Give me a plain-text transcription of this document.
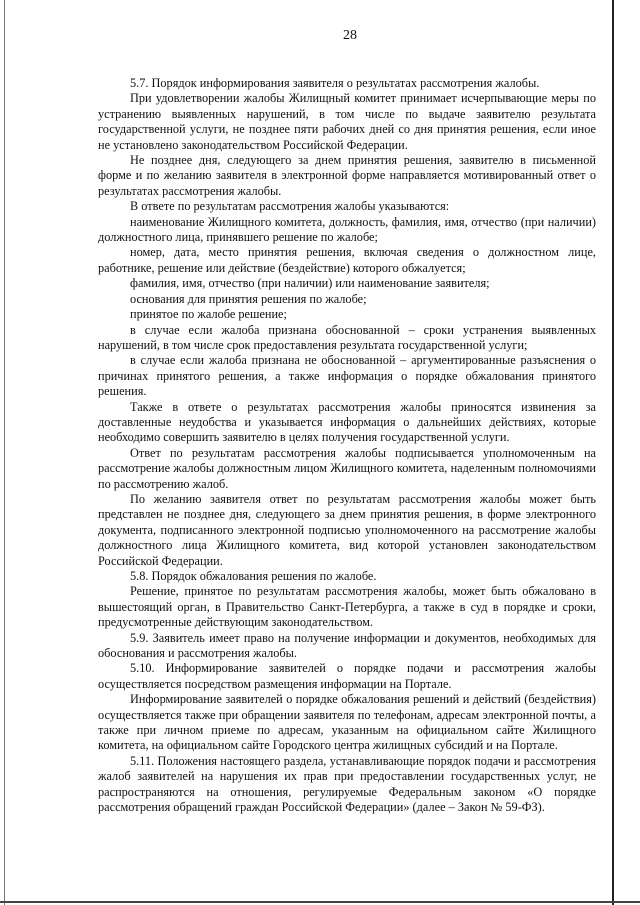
28

5.7. Порядок информирования заявителя о результатах рассмотрения жалобы.

При удовлетворении жалобы Жилищный комитет принимает исчерпывающие меры по устранению выявленных нарушений, в том числе по выдаче заявителю результата государственной услуги, не позднее пяти рабочих дней со дня принятия решения, если иное не установлено законодательством Российской Федерации.

Не позднее дня, следующего за днем принятия решения, заявителю в письменной форме и по желанию заявителя в электронной форме направляется мотивированный ответ о результатах рассмотрения жалобы.

В ответе по результатам рассмотрения жалобы указываются:

наименование Жилищного комитета, должность, фамилия, имя, отчество (при наличии) должностного лица, принявшего решение по жалобе;

номер, дата, место принятия решения, включая сведения о должностном лице, работнике, решение или действие (бездействие) которого обжалуется;

фамилия, имя, отчество (при наличии) или наименование заявителя;

основания для принятия решения по жалобе;

принятое по жалобе решение;

в случае если жалоба признана обоснованной – сроки устранения выявленных нарушений, в том числе срок предоставления результата государственной услуги;

в случае если жалоба признана не обоснованной – аргументированные разъяснения о причинах принятого решения, а также информация о порядке обжалования принятого решения.

Также в ответе о результатах рассмотрения жалобы приносятся извинения за доставленные неудобства и указывается информация о дальнейших действиях, которые необходимо совершить заявителю в целях получения государственной услуги.

Ответ по результатам рассмотрения жалобы подписывается уполномоченным на рассмотрение жалобы должностным лицом Жилищного комитета, наделенным полномочиями по рассмотрению жалоб.

По желанию заявителя ответ по результатам рассмотрения жалобы может быть представлен не позднее дня, следующего за днем принятия решения, в форме электронного документа, подписанного электронной подписью уполномоченного на рассмотрение жалобы должностного лица Жилищного комитета, вид которой установлен законодательством Российской Федерации.

5.8. Порядок обжалования решения по жалобе.

Решение, принятое по результатам рассмотрения жалобы, может быть обжаловано в вышестоящий орган, в Правительство Санкт-Петербурга, а также в суд в порядке и сроки, предусмотренные действующим законодательством.

5.9. Заявитель имеет право на получение информации и документов, необходимых для обоснования и рассмотрения жалобы.

5.10. Информирование заявителей о порядке подачи и рассмотрения жалобы осуществляется посредством размещения информации на Портале.

Информирование заявителей о порядке обжалования решений и действий (бездействия) осуществляется также при обращении заявителя по телефонам, адресам электронной почты, а также при личном приеме по адресам, указанным на официальном сайте Жилищного комитета, на официальном сайте Городского центра жилищных субсидий и на Портале.

5.11. Положения настоящего раздела, устанавливающие порядок подачи и рассмотрения жалоб заявителей на нарушения их прав при предоставлении государственных услуг, не распространяются на отношения, регулируемые Федеральным законом «О порядке рассмотрения обращений граждан Российской Федерации» (далее – Закон № 59-ФЗ).
